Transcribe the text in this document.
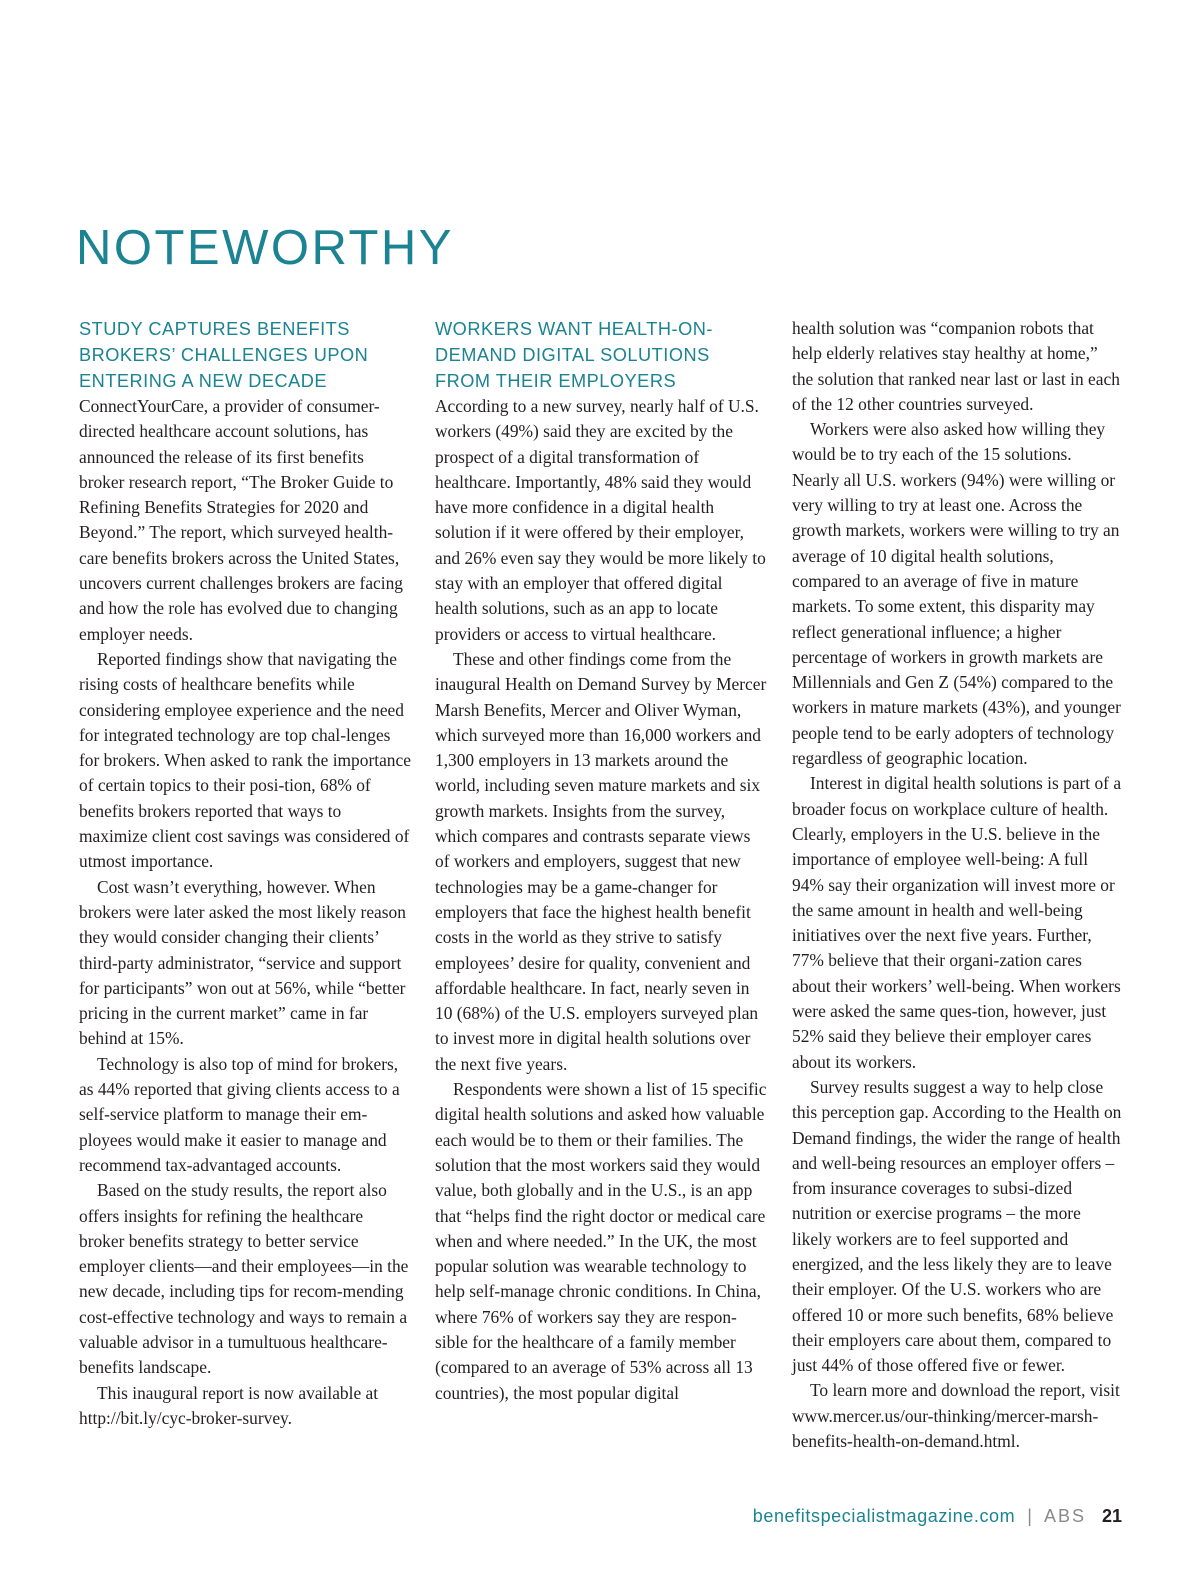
NOTEWORTHY
STUDY CAPTURES BENEFITS BROKERS’ CHALLENGES UPON ENTERING A NEW DECADE

ConnectYourCare, a provider of consumer-directed healthcare account solutions, has announced the release of its first benefits broker research report, “The Broker Guide to Refining Benefits Strategies for 2020 and Beyond.” The report, which surveyed health-care benefits brokers across the United States, uncovers current challenges brokers are facing and how the role has evolved due to changing employer needs.

Reported findings show that navigating the rising costs of healthcare benefits while considering employee experience and the need for integrated technology are top chal-lenges for brokers. When asked to rank the importance of certain topics to their posi-tion, 68% of benefits brokers reported that ways to maximize client cost savings was considered of utmost importance.

Cost wasn’t everything, however. When brokers were later asked the most likely reason they would consider changing their clients’ third-party administrator, “service and support for participants” won out at 56%, while “better pricing in the current market” came in far behind at 15%.

Technology is also top of mind for brokers, as 44% reported that giving clients access to a self-service platform to manage their em-ployees would make it easier to manage and recommend tax-advantaged accounts.

Based on the study results, the report also offers insights for refining the healthcare broker benefits strategy to better service employer clients—and their employees—in the new decade, including tips for recom-mending cost-effective technology and ways to remain a valuable advisor in a tumultuous healthcare-benefits landscape.

This inaugural report is now available at http://bit.ly/cyc-broker-survey.

WORKERS WANT HEALTH-ON-DEMAND DIGITAL SOLUTIONS FROM THEIR EMPLOYERS

According to a new survey, nearly half of U.S. workers (49%) said they are excited by the prospect of a digital transformation of healthcare. Importantly, 48% said they would have more confidence in a digital health solution if it were offered by their employer, and 26% even say they would be more likely to stay with an employer that offered digital health solutions, such as an app to locate providers or access to virtual healthcare.

These and other findings come from the inaugural Health on Demand Survey by Mercer Marsh Benefits, Mercer and Oliver Wyman, which surveyed more than 16,000 workers and 1,300 employers in 13 markets around the world, including seven mature markets and six growth markets. Insights from the survey, which compares and contrasts separate views of workers and employers, suggest that new technologies may be a game-changer for employers that face the highest health benefit costs in the world as they strive to satisfy employees’ desire for quality, convenient and affordable healthcare. In fact, nearly seven in 10 (68%) of the U.S. employers surveyed plan to invest more in digital health solutions over the next five years.

Respondents were shown a list of 15 specific digital health solutions and asked how valuable each would be to them or their families. The solution that the most workers said they would value, both globally and in the U.S., is an app that “helps find the right doctor or medical care when and where needed.” In the UK, the most popular solution was wearable technology to help self-manage chronic conditions. In China, where 76% of workers say they are respon-sible for the healthcare of a family member (compared to an average of 53% across all 13 countries), the most popular digital

health solution was “companion robots that help elderly relatives stay healthy at home,” the solution that ranked near last or last in each of the 12 other countries surveyed.

Workers were also asked how willing they would be to try each of the 15 solutions. Nearly all U.S. workers (94%) were willing or very willing to try at least one. Across the growth markets, workers were willing to try an average of 10 digital health solutions, compared to an average of five in mature markets. To some extent, this disparity may reflect generational influence; a higher percentage of workers in growth markets are Millennials and Gen Z (54%) compared to the workers in mature markets (43%), and younger people tend to be early adopters of technology regardless of geographic location.

Interest in digital health solutions is part of a broader focus on workplace culture of health. Clearly, employers in the U.S. believe in the importance of employee well-being: A full 94% say their organization will invest more or the same amount in health and well-being initiatives over the next five years. Further, 77% believe that their organi-zation cares about their workers’ well-being. When workers were asked the same ques-tion, however, just 52% said they believe their employer cares about its workers.

Survey results suggest a way to help close this perception gap. According to the Health on Demand findings, the wider the range of health and well-being resources an employer offers – from insurance coverages to subsi-dized nutrition or exercise programs – the more likely workers are to feel supported and energized, and the less likely they are to leave their employer. Of the U.S. workers who are offered 10 or more such benefits, 68% believe their employers care about them, compared to just 44% of those offered five or fewer.

To learn more and download the report, visit www.mercer.us/our-thinking/mercer-marsh-benefits-health-on-demand.html.

benefitspecialistmagazine.com | ABS 21
